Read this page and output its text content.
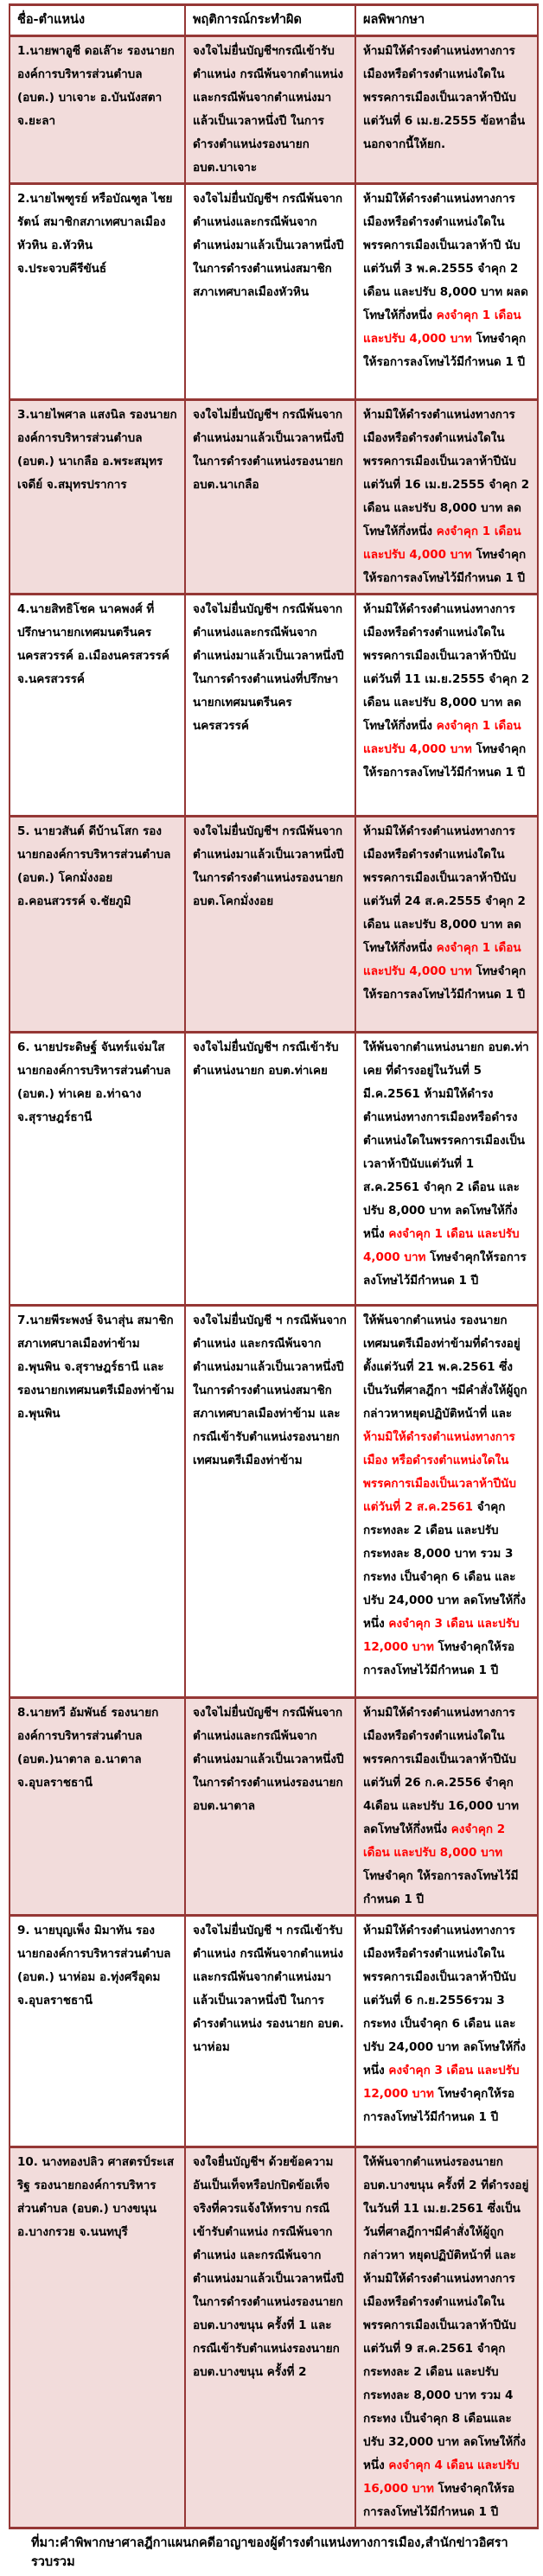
ชื่อ-ตำแหน่ง	พฤติการณ์กระทำผิด	ผลพิพากษา
1.นายพาอูซี ดอเล๊าะ รองนายกองค์การบริหารส่วนตำบล (อบต.) บาเจาะ อ.บันนังสตา จ.ยะลา	จงใจไม่ยื่นบัญชีฯกรณีเข้ารับตำแหน่ง กรณีพ้นจากตำแหน่ง และกรณีพ้นจากตำแหน่งมาแล้วเป็นเวลาหนึ่งปี ในการดำรงตำแหน่งรองนายก อบต.บาเจาะ	ห้ามมิให้ดำรงตำแหน่งทางการเมืองหรือดำรงตำแหน่งใดในพรรคการเมืองเป็นเวลาห้าปีนับแต่วันที่ 6 เม.ย.2555 ข้อหาอื่นนอกจากนี้ให้ยก.
2.นายไพฑูรย์ หรือบัณฑูล ไชยรัตน์ สมาชิกสภาเทศบาลเมืองหัวหิน อ.หัวหิน จ.ประจวบคีรีขันธ์	จงใจไม่ยื่นบัญชีฯ กรณีพ้นจากตำแหน่งและกรณีพ้นจากตำแหน่งมาแล้วเป็นเวลาหนึ่งปี ในการดำรงตำแหน่งสมาชิกสภาเทศบาลเมืองหัวหิน	ห้ามมิให้ดำรงตำแหน่งทางการเมืองหรือดำรงตำแหน่งใดในพรรคการเมืองเป็นเวลาห้าปี นับแต่วันที่ 3 พ.ค.2555 จำคุก 2 เดือน และปรับ 8,000 บาท ผลดโทษให้กึ่งหนึ่ง คงจำคุก 1 เดือน และปรับ 4,000 บาท โทษจำคุกให้รอการลงโทษไว้มีกำหนด 1 ปี
3.นายไพศาล แสงนิล รองนายกองค์การบริหารส่วนตำบล (อบต.) นาเกลือ อ.พระสมุทรเจดีย์ จ.สมุทรปราการ	จงใจไม่ยื่นบัญชีฯ กรณีพ้นจากตำแหน่งมาแล้วเป็นเวลาหนึ่งปี ในการดำรงตำแหน่งรองนายก อบต.นาเกลือ	ห้ามมิให้ดำรงตำแหน่งทางการเมืองหรือดำรงตำแหน่งใดในพรรคการเมืองเป็นเวลาห้าปีนับแต่วันที่ 16 เม.ย.2555 จำคุก 2 เดือน และปรับ 8,000 บาท ลดโทษให้กึ่งหนึ่ง คงจำคุก 1 เดือน และปรับ 4,000 บาท โทษจำคุกให้รอการลงโทษไว้มีกำหนด 1 ปี
4.นายสิทธิโชค นาคพงศ์ ที่ปรึกษานายกเทศมนตรีนครนครสวรรค์ อ.เมืองนครสวรรค์ จ.นครสวรรค์	จงใจไม่ยื่นบัญชีฯ กรณีพ้นจากตำแหน่งและกรณีพ้นจากตำแหน่งมาแล้วเป็นเวลาหนึ่งปี ในการดำรงตำแหน่งที่ปรึกษานายกเทศมนตรีนครนครสวรรค์	ห้ามมิให้ดำรงตำแหน่งทางการเมืองหรือดำรงตำแหน่งใดในพรรคการเมืองเป็นเวลาห้าปีนับแต่วันที่ 11 เม.ย.2555 จำคุก 2 เดือน และปรับ 8,000 บาท ลดโทษให้กึ่งหนึ่ง คงจำคุก 1 เดือน และปรับ 4,000 บาท โทษจำคุกให้รอการลงโทษไว้มีกำหนด 1 ปี
5. นายวสันต์ ดีบ้านโสก รองนายกองค์การบริหารส่วนตำบล (อบต.) โคกมั่งงอย อ.คอนสวรรค์ จ.ชัยภูมิ	จงใจไม่ยื่นบัญชีฯ กรณีพ้นจากตำแหน่งมาแล้วเป็นเวลาหนึ่งปี ในการดำรงตำแหน่งรองนายก อบต.โคกมั่งงอย	ห้ามมิให้ดำรงตำแหน่งทางการเมืองหรือดำรงตำแหน่งใดในพรรคการเมืองเป็นเวลาห้าปีนับแต่วันที่ 24 ส.ค.2555 จำคุก 2 เดือน และปรับ 8,000 บาท ลดโทษให้กึ่งหนึ่ง คงจำคุก 1 เดือน และปรับ 4,000 บาท โทษจำคุกให้รอการลงโทษไว้มีกำหนด 1 ปี
6. นายประดิษฐ์ จันทร์แจ่มใส นายกองค์การบริหารส่วนตำบล (อบต.) ท่าเคย อ.ท่าฉาง จ.สุราษฎร์ธานี	จงใจไม่ยื่นบัญชีฯ กรณีเข้ารับตำแหน่งนายก อบต.ท่าเคย	ให้พ้นจากตำแหน่งนายก อบต.ท่าเคย ที่ดำรงอยู่ในวันที่ 5 มี.ค.2561 ห้ามมิให้ดำรงตำแหน่งทางการเมืองหรือดำรงตำแหน่งใดในพรรคการเมืองเป็นเวลาห้าปีนับแต่วันที่ 1 ส.ค.2561 จำคุก 2 เดือน และปรับ 8,000 บาท ลดโทษให้กึ่งหนึ่ง คงจำคุก 1 เดือน และปรับ 4,000 บาท โทษจำคุกให้รอการลงโทษไว้มีกำหนด 1 ปี
7.นายพีระพงษ์ จินาสุ่น สมาชิกสภาเทศบาลเมืองท่าข้าม อ.พุนพิน จ.สุราษฎร์ธานี และรองนายกเทศมนตรีเมืองท่าข้าม อ.พุนพิน	จงใจไม่ยื่นบัญชี ฯ กรณีพ้นจากตำแหน่ง และกรณีพ้นจากตำแหน่งมาแล้วเป็นเวลาหนึ่งปี ในการดำรงตำแหน่งสมาชิกสภาเทศบาลเมืองท่าข้าม และกรณีเข้ารับตำแหน่งรองนายกเทศมนตรีเมืองท่าข้าม	ให้พ้นจากตำแหน่ง รองนายกเทศมนตรีเมืองท่าข้ามที่ดำรงอยู่ตั้งแต่วันที่ 21 พ.ค.2561 ซึ่งเป็นวันที่ศาลฎีกา ฯมีคำสั่งให้ผู้ถูกกล่าวหาหยุดปฏิบัติหน้าที่ และ ห้ามมิให้ดำรงตำแหน่งทางการเมือง หรือดำรงตำแหน่งใดในพรรคการเมืองเป็นเวลาห้าปีนับแต่วันที่ 2 ส.ค.2561 จำคุกกระทงละ 2 เดือน และปรับกระทงละ 8,000 บาท รวม 3 กระทง เป็นจำคุก 6 เดือน และปรับ 24,000 บาท ลดโทษให้กึ่งหนึ่ง คงจำคุก 3 เดือน และปรับ 12,000 บาท โทษจำคุกให้รอการลงโทษไว้มีกำหนด 1 ปี
8.นายทวี อัมพันธ์ รองนายกองค์การบริหารส่วนตำบล (อบต.)นาตาล อ.นาตาล จ.อุบลราชธานี	จงใจไม่ยื่นบัญชีฯ กรณีพ้นจากตำแหน่งและกรณีพ้นจากตำแหน่งมาแล้วเป็นเวลาหนึ่งปี ในการดำรงตำแหน่งรองนายก อบต.นาตาล	ห้ามมิให้ดำรงตำแหน่งทางการเมืองหรือดำรงตำแหน่งใดในพรรคการเมืองเป็นเวลาห้าปีนับแต่วันที่ 26 ก.ค.2556 จำคุก 4เดือน และปรับ 16,000 บาท ลดโทษให้กึ่งหนึ่ง คงจำคุก 2 เดือน และปรับ 8,000 บาท โทษจำคุก ให้รอการลงโทษไว้มีกำหนด 1 ปี
9. นายบุญเพ็ง มิมาทัน รองนายกองค์การบริหารส่วนตำบล (อบต.) นาห่อม อ.ทุ่งศรีอุดม จ.อุบลราชธานี	จงใจไม่ยื่นบัญชี ฯ กรณีเข้ารับตำแหน่ง กรณีพ้นจากตำแหน่ง และกรณีพ้นจากตำแหน่งมาแล้วเป็นเวลาหนึ่งปี ในการดำรงตำแหน่ง รองนายก อบต. นาห่อม	ห้ามมิให้ดำรงตำแหน่งทางการเมืองหรือดำรงตำแหน่งใดในพรรคการเมืองเป็นเวลาห้าปีนับแต่วันที่ 6 ก.ย.2556รวม 3 กระทง เป็นจำคุก 6 เดือน และปรับ 24,000 บาท ลดโทษให้กึ่งหนึ่ง คงจำคุก 3 เดือน และปรับ 12,000 บาท โทษจำคุกให้รอการลงโทษไว้มีกำหนด 1 ปี
10. นางทองปลิว ศาสตรป์ระเสริฐ รองนายกองค์การบริหารส่วนตำบล (อบต.) บางขนุน อ.บางกรวย จ.นนทบุรี	จงใจยื่นบัญชีฯ ด้วยข้อความอันเป็นเท็จหรือปกปิดข้อเท็จจริงที่ควรแจ้งให้ทราบ กรณีเข้ารับตำแหน่ง กรณีพ้นจากตำแหน่ง และกรณีพ้นจากตำแหน่งมาแล้วเป็นเวลาหนึ่งปี ในการดำรงตำแหน่งรองนายก อบต.บางขนุน ครั้งที่ 1 และกรณีเข้ารับตำแหน่งรองนายก อบต.บางขนุน ครั้งที่ 2	ให้พ้นจากตำแหน่งรองนายก อบต.บางขนุน ครั้งที่ 2 ที่ดำรงอยู่ในวันที่ 11 เม.ย.2561 ซึ่งเป็นวันที่ศาลฎีกาฯมีคำสั่งให้ผู้ถูกกล่าวหา หยุดปฏิบัติหน้าที่ และห้ามมิให้ดำรงตำแหน่งทางการเมืองหรือดำรงตำแหน่งใดในพรรคการเมืองเป็นเวลาห้าปีนับแต่วันที่ 9 ส.ค.2561 จำคุกกระทงละ 2 เดือน และปรับกระทงละ 8,000 บาท รวม 4 กระทง เป็นจำคุก 8 เดือนและปรับ 32,000 บาท ลดโทษให้กึ่งหนึ่ง คงจำคุก 4 เดือน และปรับ 16,000 บาท โทษจำคุกให้รอการลงโทษไว้มีกำหนด 1 ปี
ที่มา:คำพิพากษาศาลฎีกาแผนกคดีอาญาของผู้ดำรงตำแหน่งทางการเมือง,สำนักข่าวอิศรา รวบรวม
